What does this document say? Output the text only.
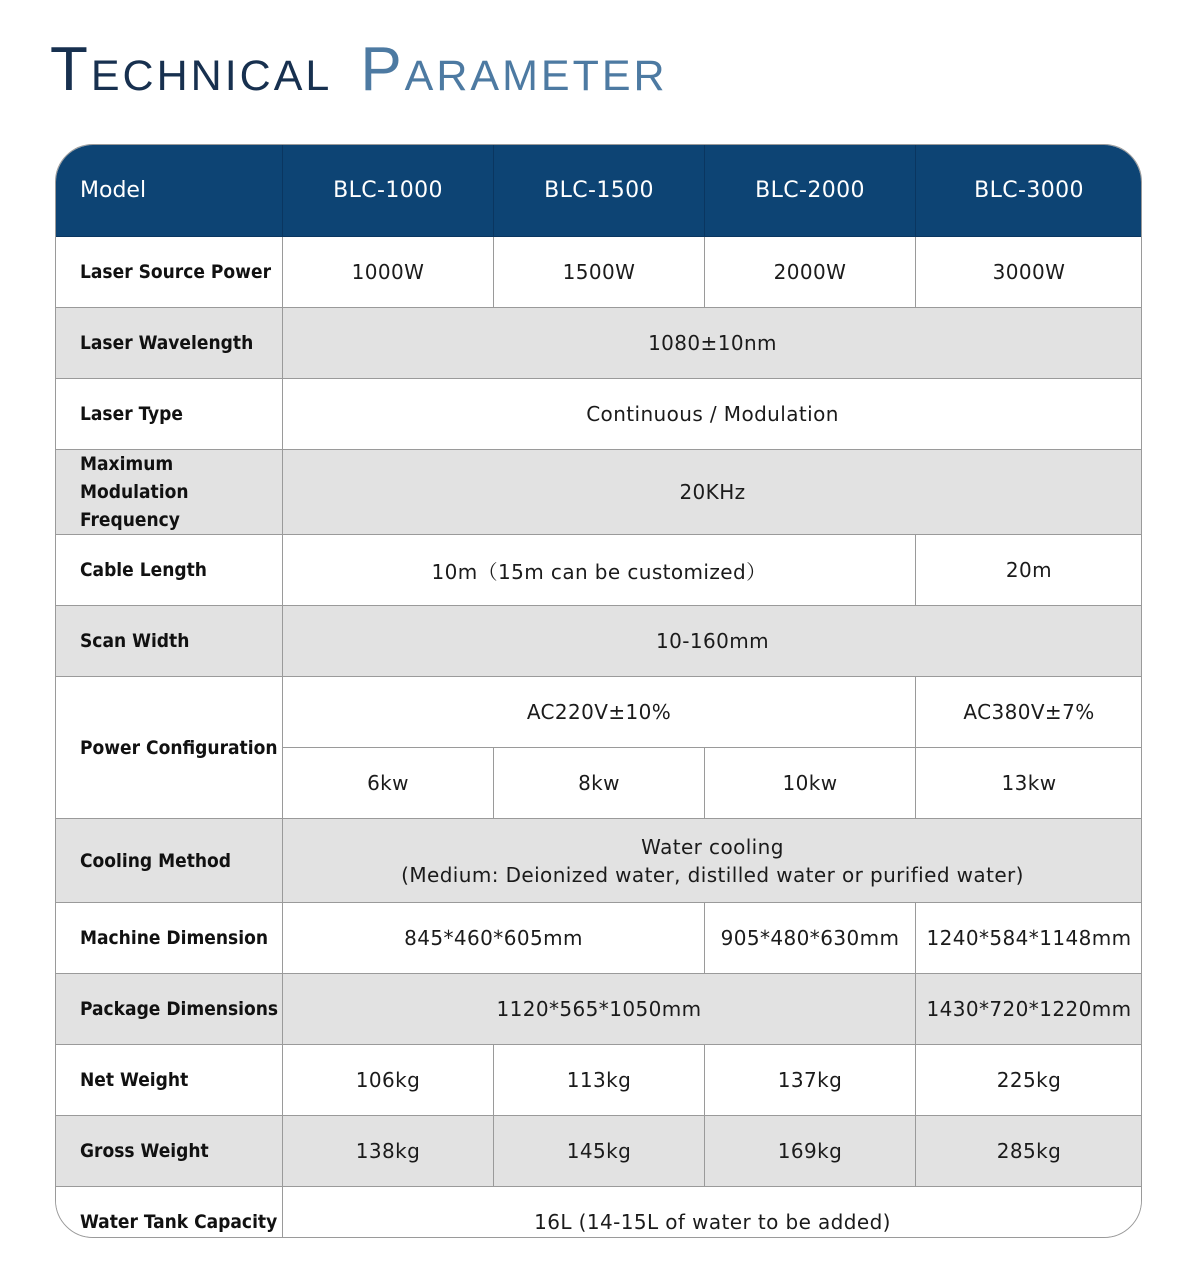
Technical Parameter
Model	BLC-1000	BLC-1500	BLC-2000	BLC-3000
Laser Source Power	1000W	1500W	2000W	3000W
Laser Wavelength	1080±10nm			
Laser Type	Continuous / Modulation			
Maximum Modulation
Frequency	20KHz			
Cable Length	10m（15m can be customized）			20m
Scan Width	10-160mm			
Power Configuration	AC220V±10%			AC380V±7%
	6kw	8kw	10kw	13kw
Cooling Method	Water cooling
(Medium: Deionized water, distilled water or purified water)			
Machine Dimension	845*460*605mm		905*480*630mm	1240*584*1148mm
Package Dimensions	1120*565*1050mm			1430*720*1220mm
Net Weight	106kg	113kg	137kg	225kg
Gross Weight	138kg	145kg	169kg	285kg
Water Tank Capacity	16L (14-15L of water to be added)			
